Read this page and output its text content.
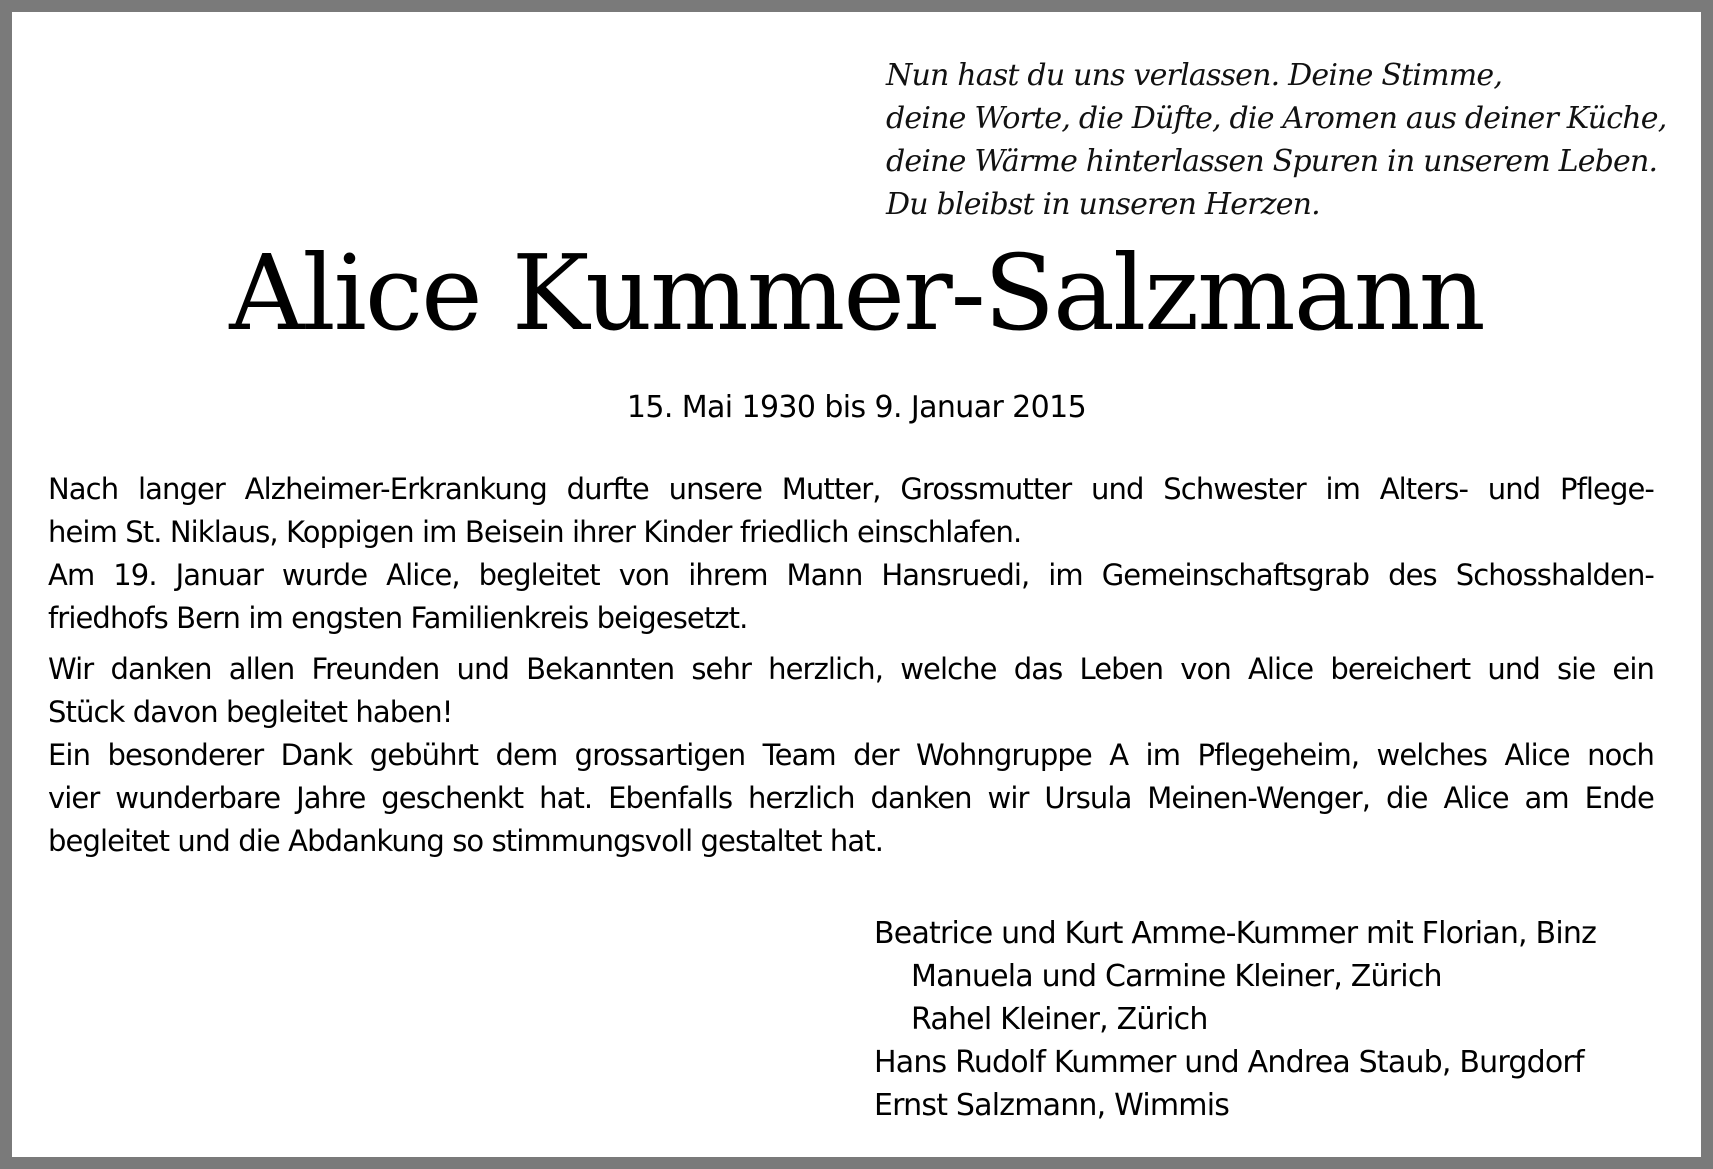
Nun hast du uns verlassen. Deine Stimme,
deine Worte, die Düfte, die Aromen aus deiner Küche,
deine Wärme hinterlassen Spuren in unserem Leben.
Du bleibst in unseren Herzen.
Alice Kummer-Salzmann
15. Mai 1930 bis 9. Januar 2015
Nach langer Alzheimer-Erkrankung durfte unsere Mutter, Grossmutter und Schwester im Alters- und Pflege-
heim St. Niklaus, Koppigen im Beisein ihrer Kinder friedlich einschlafen.
Am 19. Januar wurde Alice, begleitet von ihrem Mann Hansruedi, im Gemeinschaftsgrab des Schosshalden-
friedhofs Bern im engsten Familienkreis beigesetzt.
Wir danken allen Freunden und Bekannten sehr herzlich, welche das Leben von Alice bereichert und sie ein
Stück davon begleitet haben!
Ein besonderer Dank gebührt dem grossartigen Team der Wohngruppe A im Pflegeheim, welches Alice noch
vier wunderbare Jahre geschenkt hat. Ebenfalls herzlich danken wir Ursula Meinen-Wenger, die Alice am Ende
begleitet und die Abdankung so stimmungsvoll gestaltet hat.
Beatrice und Kurt Amme-Kummer mit Florian, Binz
Manuela und Carmine Kleiner, Zürich
Rahel Kleiner, Zürich
Hans Rudolf Kummer und Andrea Staub, Burgdorf
Ernst Salzmann, Wimmis
